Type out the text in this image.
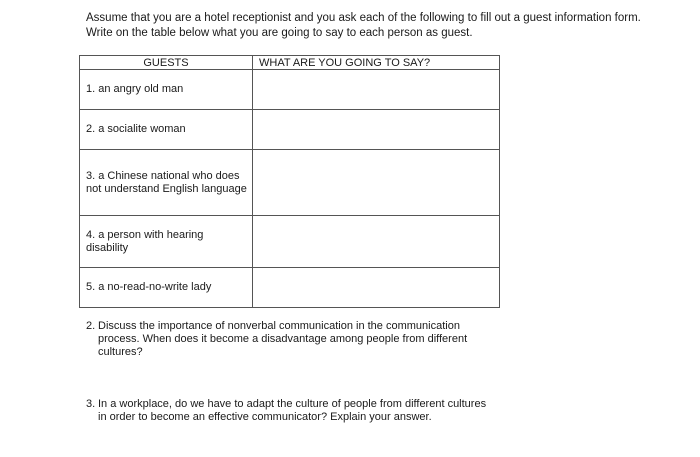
Assume that you are a hotel receptionist and you ask each of the following to fill out a guest information form. Write on the table below what you are going to say to each person as guest.

GUESTS	WHAT ARE YOU GOING TO SAY?
1. an angry old man	
2. a socialite woman	
3. a Chinese national who does not understand English language	
4. a person with hearing disability	
5. a no-read-no-write lady	
2. Discuss the importance of nonverbal communication in the communication process. When does it become a disadvantage among people from different cultures?
3. In a workplace, do we have to adapt the culture of people from different cultures in order to become an effective communicator? Explain your answer.
